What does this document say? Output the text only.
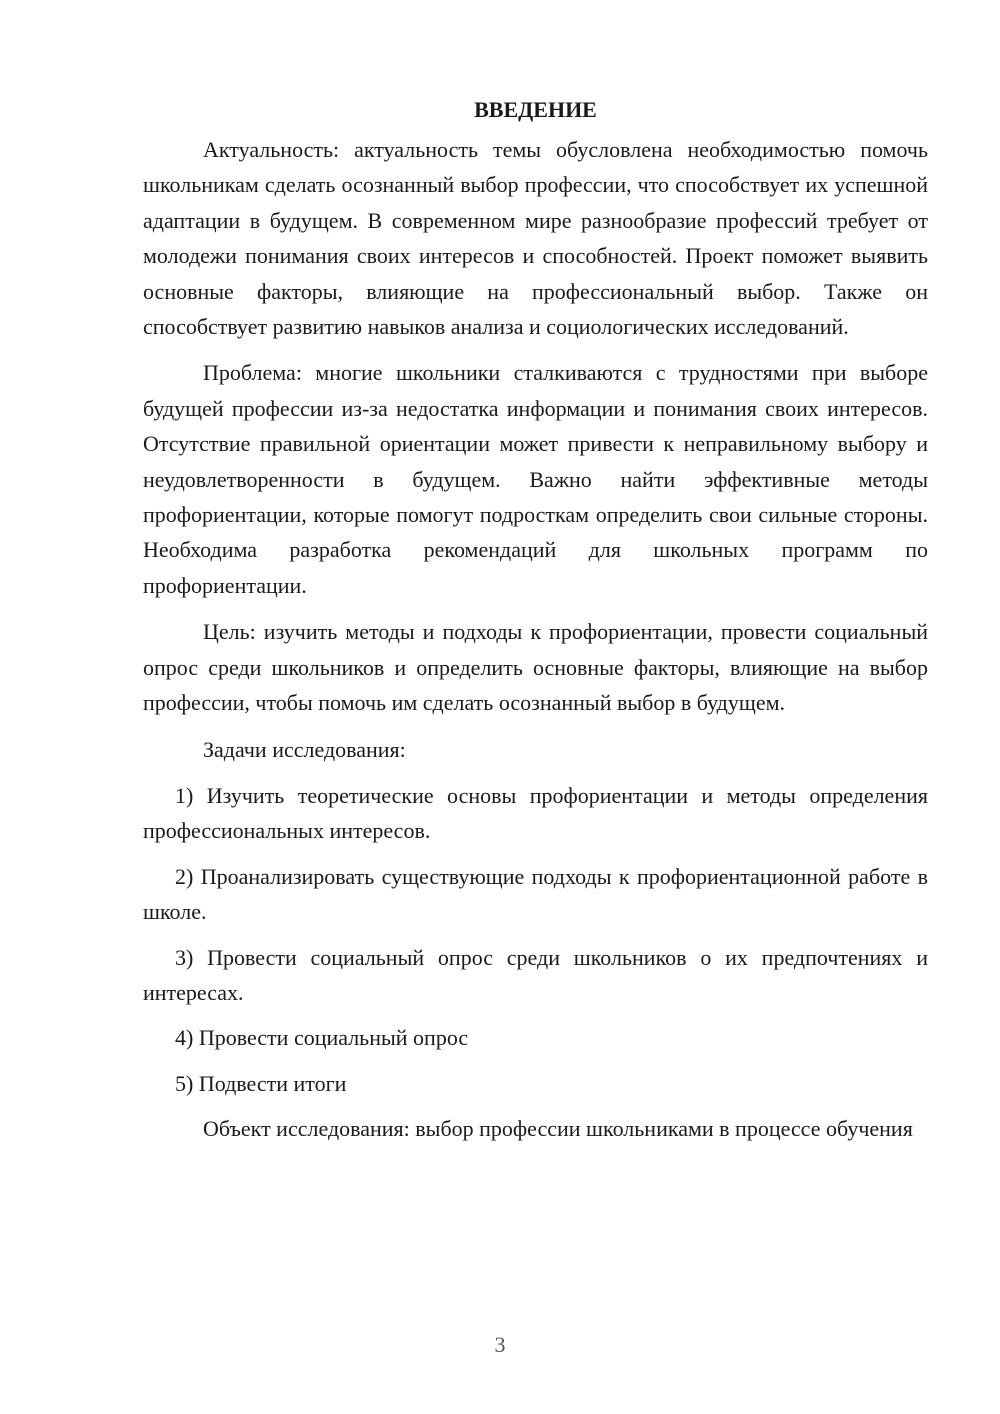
ВВЕДЕНИЕ

Актуальность: актуальность темы обусловлена необходимостью помочь школьникам сделать осознанный выбор профессии, что способствует их успешной адаптации в будущем. В современном мире разнообразие профессий требует от молодежи понимания своих интересов и способностей. Проект поможет выявить основные факторы, влияющие на профессиональный выбор. Также он способствует развитию навыков анализа и социологических исследований.

Проблема: многие школьники сталкиваются с трудностями при выборе будущей профессии из-за недостатка информации и понимания своих интересов. Отсутствие правильной ориентации может привести к неправильному выбору и неудовлетворенности в будущем. Важно найти эффективные методы профориентации, которые помогут подросткам определить свои сильные стороны. Необходима разработка рекомендаций для школьных программ по профориентации.

Цель: изучить методы и подходы к профориентации, провести социальный опрос среди школьников и определить основные факторы, влияющие на выбор профессии, чтобы помочь им сделать осознанный выбор в будущем.

Задачи исследования:

1) Изучить теоретические основы профориентации и методы определения профессиональных интересов.

2) Проанализировать существующие подходы к профориентационной работе в школе.

3) Провести социальный опрос среди школьников о их предпочтениях и интересах.

4) Провести социальный опрос

5) Подвести итоги

Объект исследования: выбор профессии школьниками в процессе обучения

3
